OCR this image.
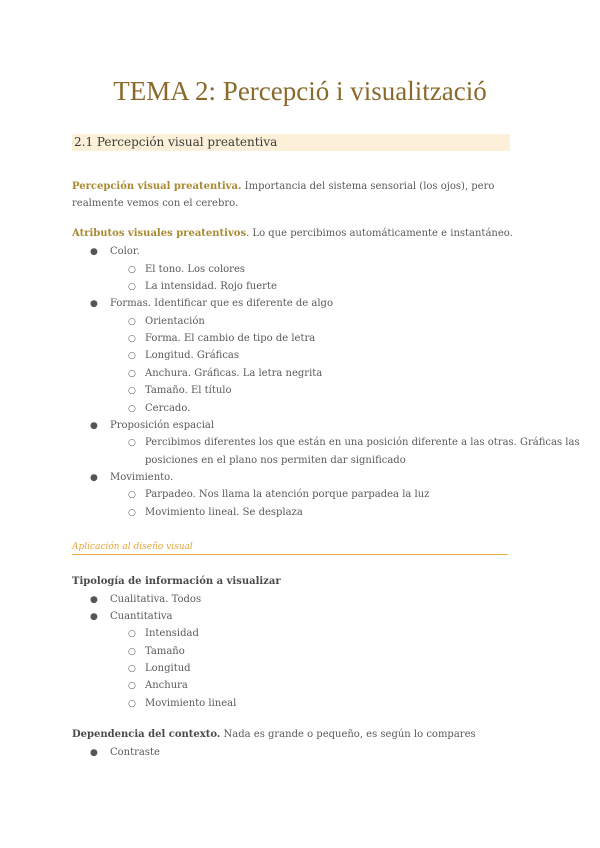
TEMA 2: Percepció i visualització
2.1 Percepción visual preatentiva
Percepción visual preatentiva. Importancia del sistema sensorial (los ojos), pero realmente vemos con el cerebro.
Atributos visuales preatentivos. Lo que percibimos automáticamente e instantáneo.
● Color.
○ El tono. Los colores
○ La intensidad. Rojo fuerte
● Formas. Identificar que es diferente de algo
○ Orientación
○ Forma. El cambio de tipo de letra
○ Longitud. Gráficas
○ Anchura. Gráficas. La letra negrita
○ Tamaño. El título
○ Cercado.
● Proposición espacial
○ Percibimos diferentes los que están en una posición diferente a las otras. Gráficas las
posiciones en el plano nos permiten dar significado
● Movimiento.
○ Parpadeo. Nos llama la atención porque parpadea la luz
○ Movimiento lineal. Se desplaza
Aplicación al diseño visual
Tipología de información a visualizar
● Cualitativa. Todos
● Cuantitativa
○ Intensidad
○ Tamaño
○ Longitud
○ Anchura
○ Movimiento lineal
Dependencia del contexto. Nada es grande o pequeño, es según lo compares
● Contraste
